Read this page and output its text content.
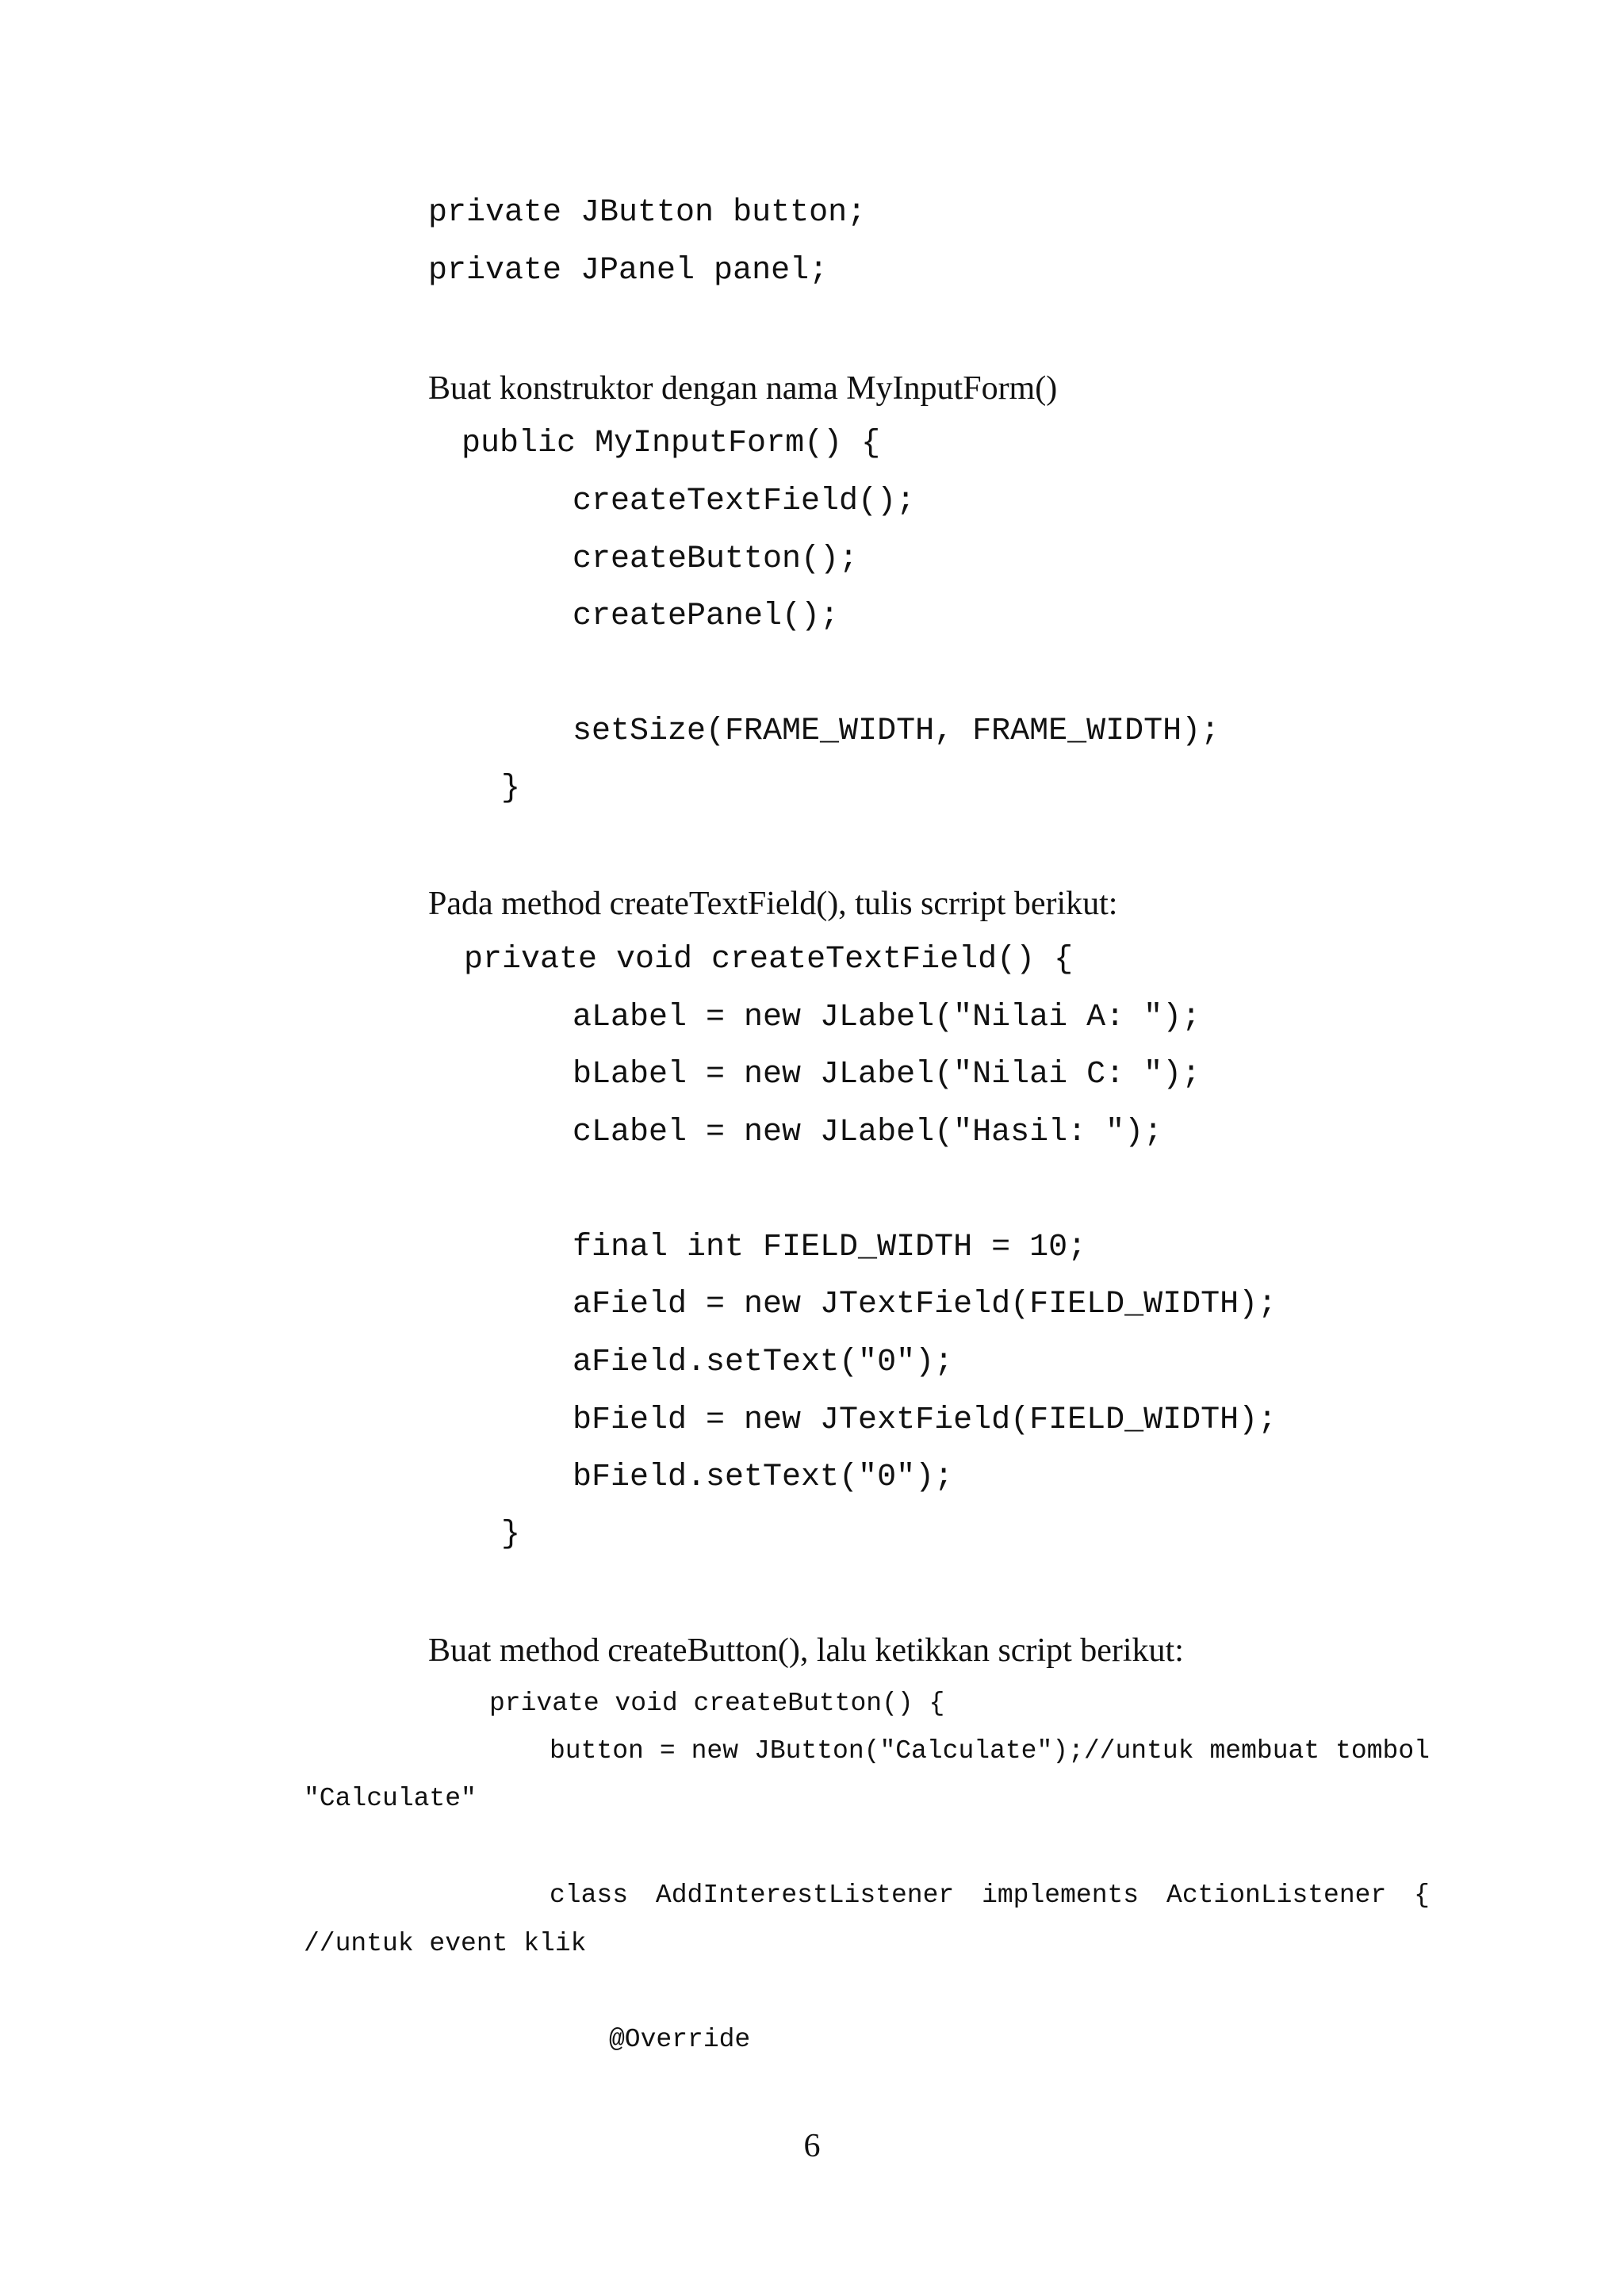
private JButton button;
private JPanel panel;
Buat konstruktor dengan nama MyInputForm()
public MyInputForm() {
createTextField();
createButton();
createPanel();
setSize(FRAME_WIDTH, FRAME_WIDTH);
}
Pada method createTextField(), tulis scrript berikut:
private void createTextField() {
aLabel = new JLabel("Nilai A: ");
bLabel = new JLabel("Nilai C: ");
cLabel = new JLabel("Hasil: ");
final int FIELD_WIDTH = 10;
aField = new JTextField(FIELD_WIDTH);
aField.setText("0");
bField = new JTextField(FIELD_WIDTH);
bField.setText("0");
}
Buat method createButton(), lalu ketikkan script berikut:
private void createButton() {
button = new JButton("Calculate");//untuk membuat tombol
"Calculate"
class AddInterestListener implements ActionListener {
//untuk event klik
@Override
6
